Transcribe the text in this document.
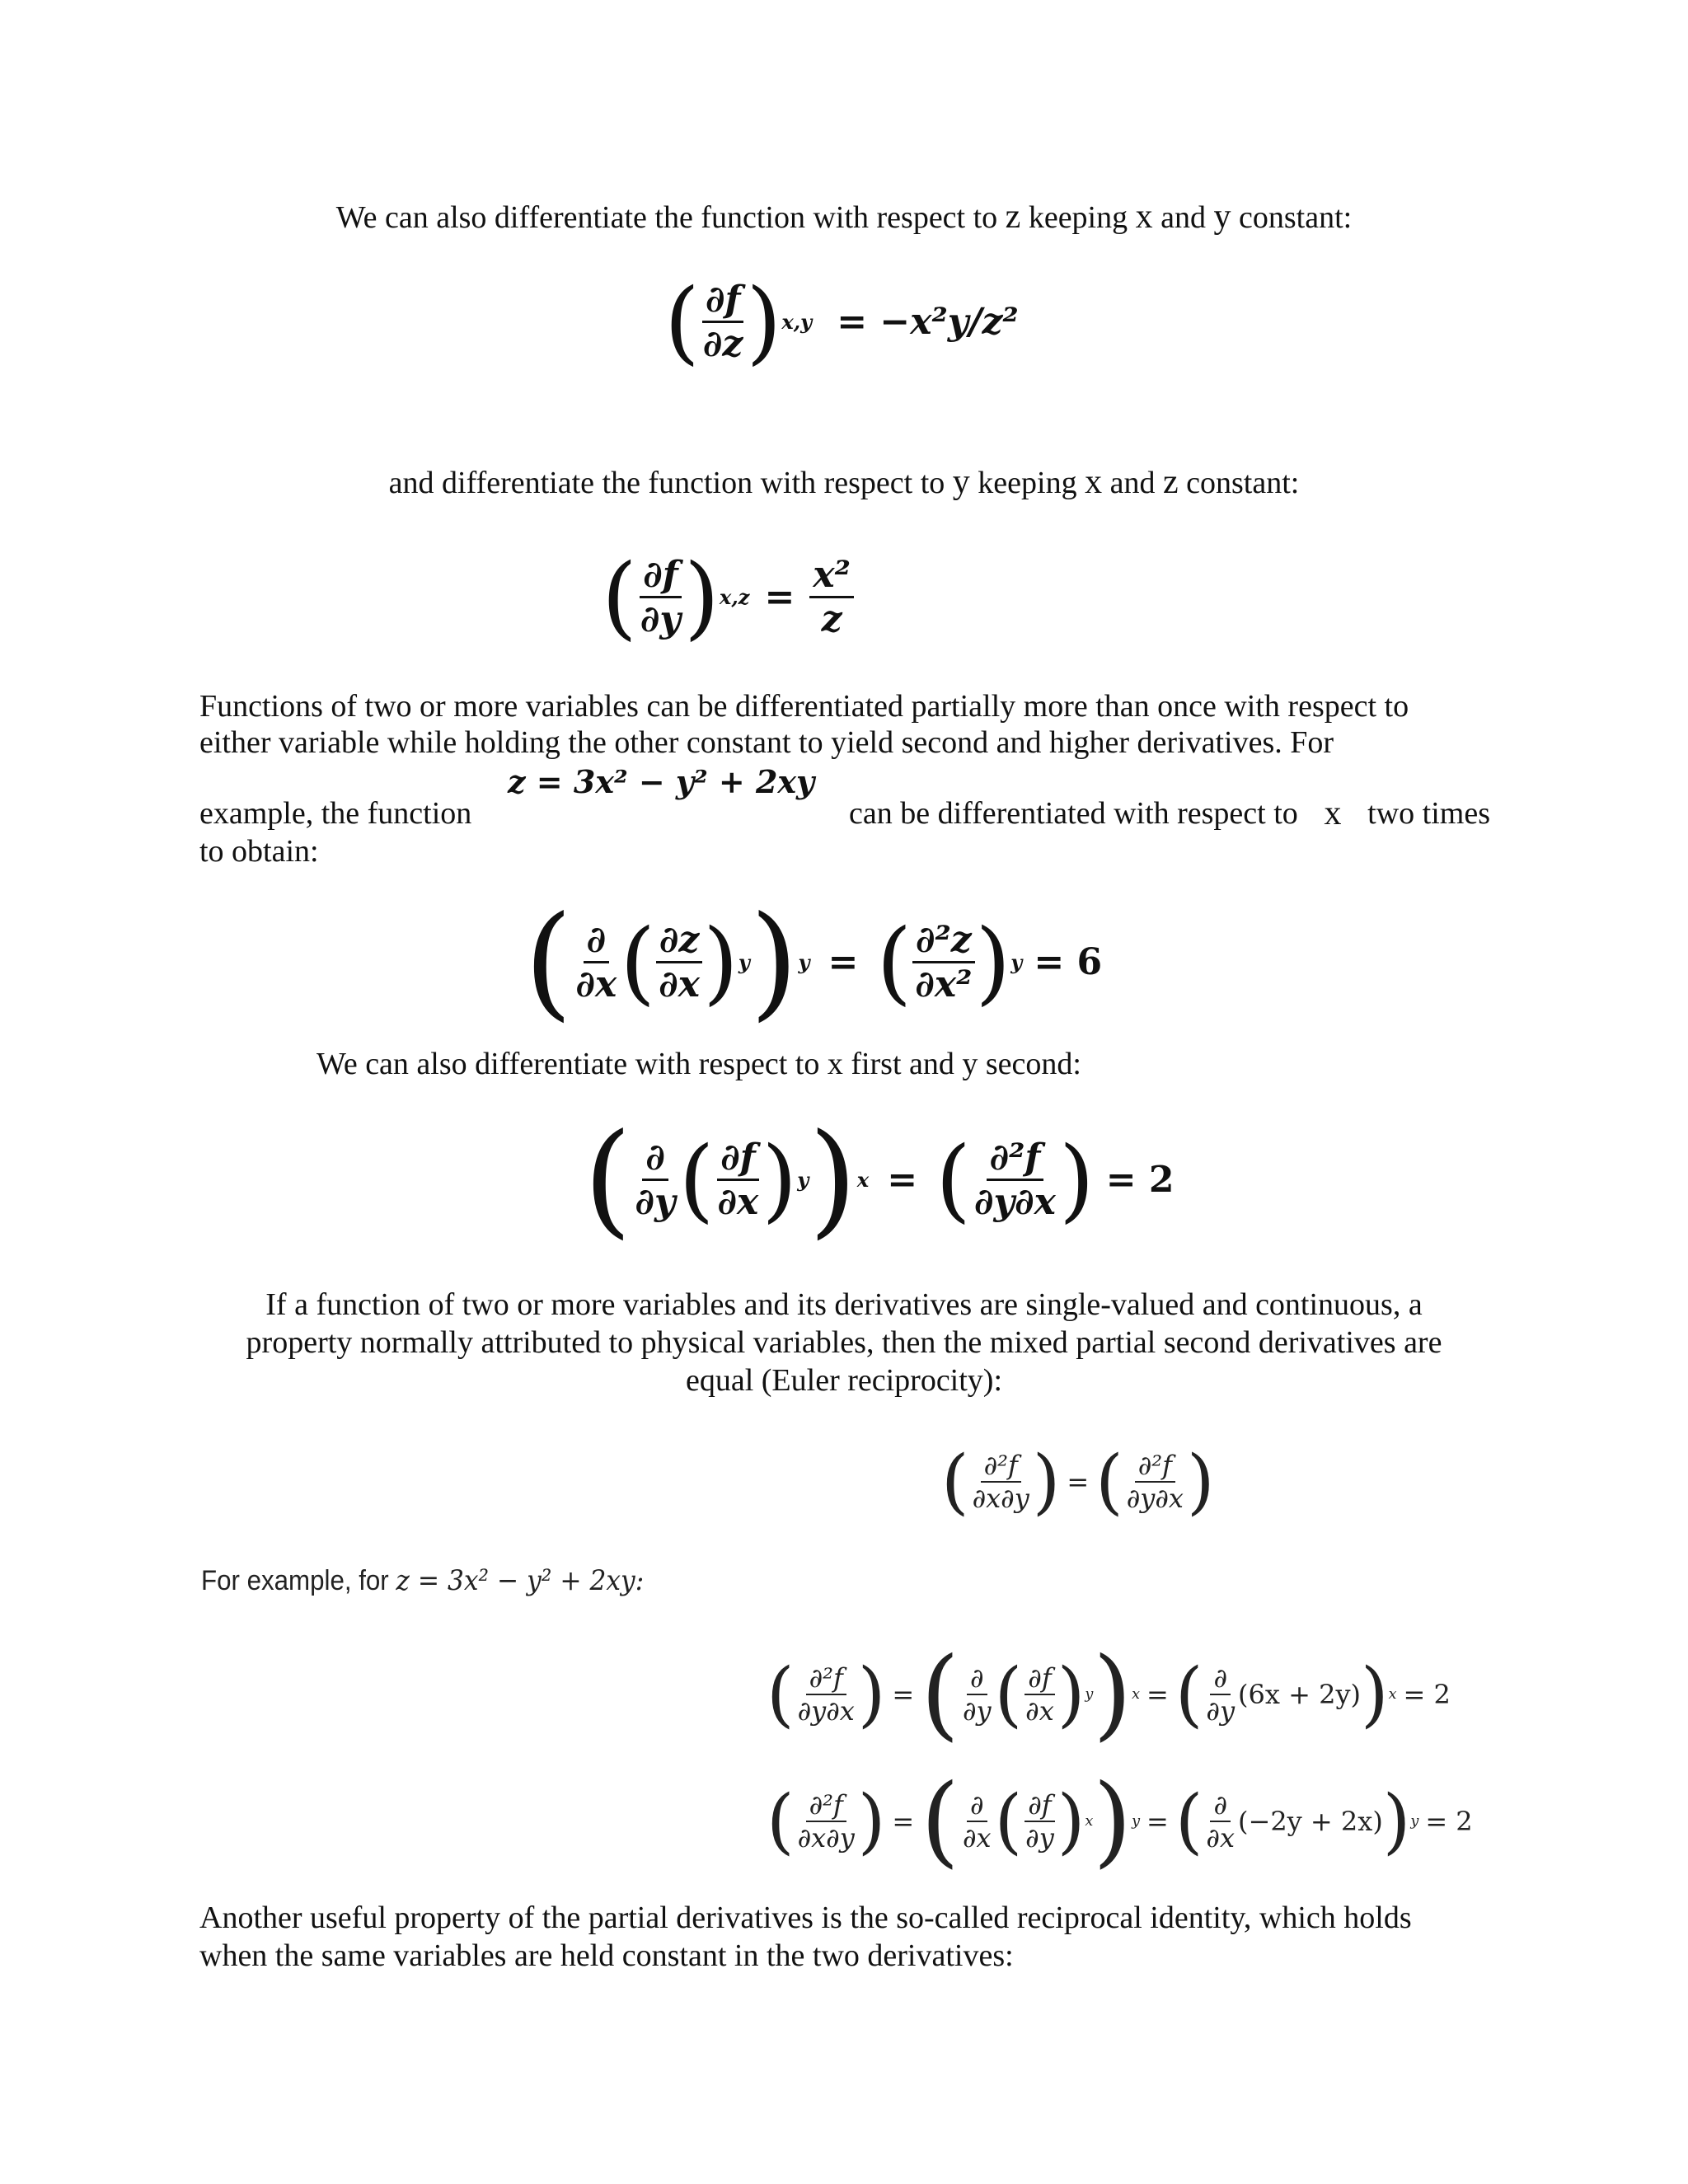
We can also differentiate the function with respect to z keeping x and y constant:
( $\frac{\partial f}{\partial z}$ ) x,y = −x²y/z²
and differentiate the function with respect to y keeping x and z constant:
( $\frac{\partial f}{\partial y}$ ) $x,z = \frac{\text{x²}}{z}$
Functions of two or more variables can be differentiated partially more than once with respect to
either variable while holding the other constant to yield second and higher derivatives. For
z = 3x² − y² + 2xy
example, the function	can be differentiated with respect to x two times
to obtain:
( $\frac{\partial}{\partial x}$ ( $\frac{\partial z}{\partial x}$ ) y ) y = ( $\frac{\text{∂²z}}{\text{∂x²}}$ ) y = 6
We can also differentiate with respect to x first and y second:
( $\frac{\partial}{\partial y}$ ( $\frac{\partial f}{\partial x}$ ) y ) x = ( $\frac{\text{∂²f}}{\partial y\partial x}$ ) = 2
If a function of two or more variables and its derivatives are single-valued and continuous, a
property normally attributed to physical variables, then the mixed partial second derivatives are
equal (Euler reciprocity):
( $\frac{\text{∂²f}}{\partial x\partial y}$ ) = ( $\frac{\text{∂²f}}{\partial y\partial x}$ )
For example, for z = 3x² − y² + 2xy:
( $\frac{\text{∂²f}}{\partial y\partial x}$ ) = ( $\frac{\partial}{\partial y}$ ( $\frac{\partial f}{\partial x}$ ) y ) x = ( $\frac{\partial}{\partial y} (6x + 2y)$ ) x = 2
( $\frac{\text{∂²f}}{\partial x\partial y}$ ) = ( $\frac{\partial}{\partial x}$ ( $\frac{\partial f}{\partial y}$ ) x ) y = ( $\frac{\partial}{\partial x} (-2y + 2x)$ ) y = 2
Another useful property of the partial derivatives is the so-called reciprocal identity, which holds
when the same variables are held constant in the two derivatives:
